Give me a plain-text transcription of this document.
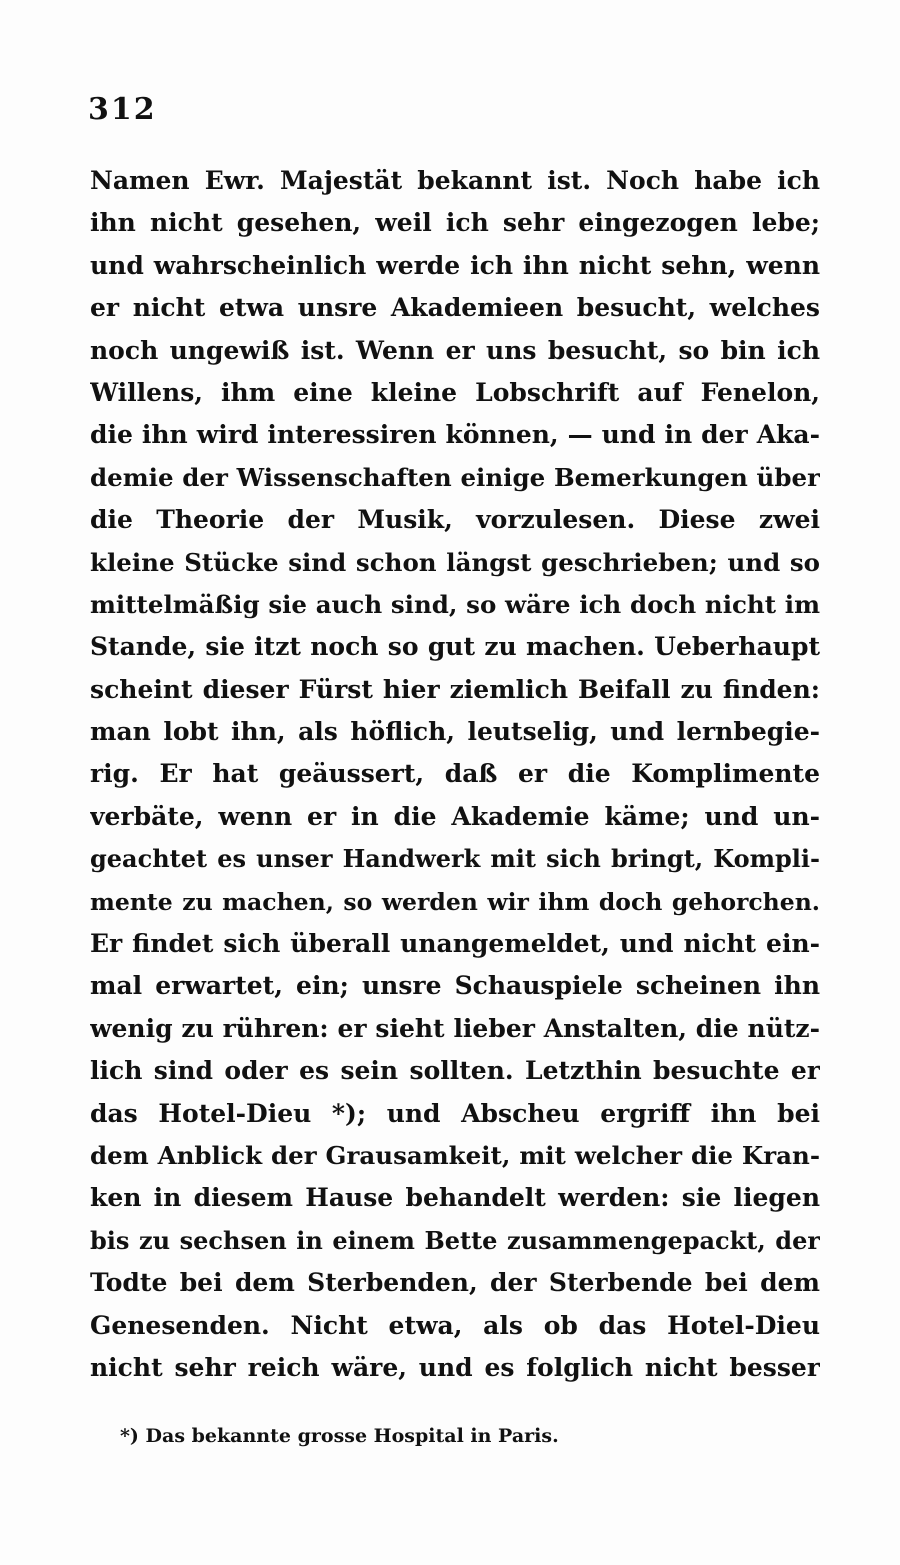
312
Namen Ewr. Majestät bekannt ist. Noch habe ich
ihn nicht gesehen, weil ich sehr eingezogen lebe;
und wahrscheinlich werde ich ihn nicht sehn, wenn
er nicht etwa unsre Akademieen besucht, welches
noch ungewiß ist. Wenn er uns besucht, so bin ich
Willens, ihm eine kleine Lobschrift auf Fenelon,
die ihn wird interessiren können, — und in der Aka-
demie der Wissenschaften einige Bemerkungen über
die Theorie der Musik, vorzulesen. Diese zwei
kleine Stücke sind schon längst geschrieben; und so
mittelmäßig sie auch sind, so wäre ich doch nicht im
Stande, sie itzt noch so gut zu machen. Ueberhaupt
scheint dieser Fürst hier ziemlich Beifall zu finden:
man lobt ihn, als höflich, leutselig, und lernbegie-
rig. Er hat geäussert, daß er die Komplimente
verbäte, wenn er in die Akademie käme; und un-
geachtet es unser Handwerk mit sich bringt, Kompli-
mente zu machen, so werden wir ihm doch gehorchen.
Er findet sich überall unangemeldet, und nicht ein-
mal erwartet, ein; unsre Schauspiele scheinen ihn
wenig zu rühren: er sieht lieber Anstalten, die nütz-
lich sind oder es sein sollten. Letzthin besuchte er
das Hotel-Dieu *); und Abscheu ergriff ihn bei
dem Anblick der Grausamkeit, mit welcher die Kran-
ken in diesem Hause behandelt werden: sie liegen
bis zu sechsen in einem Bette zusammengepackt, der
Todte bei dem Sterbenden, der Sterbende bei dem
Genesenden. Nicht etwa, als ob das Hotel-Dieu
nicht sehr reich wäre, und es folglich nicht besser
*) Das bekannte grosse Hospital in Paris.
